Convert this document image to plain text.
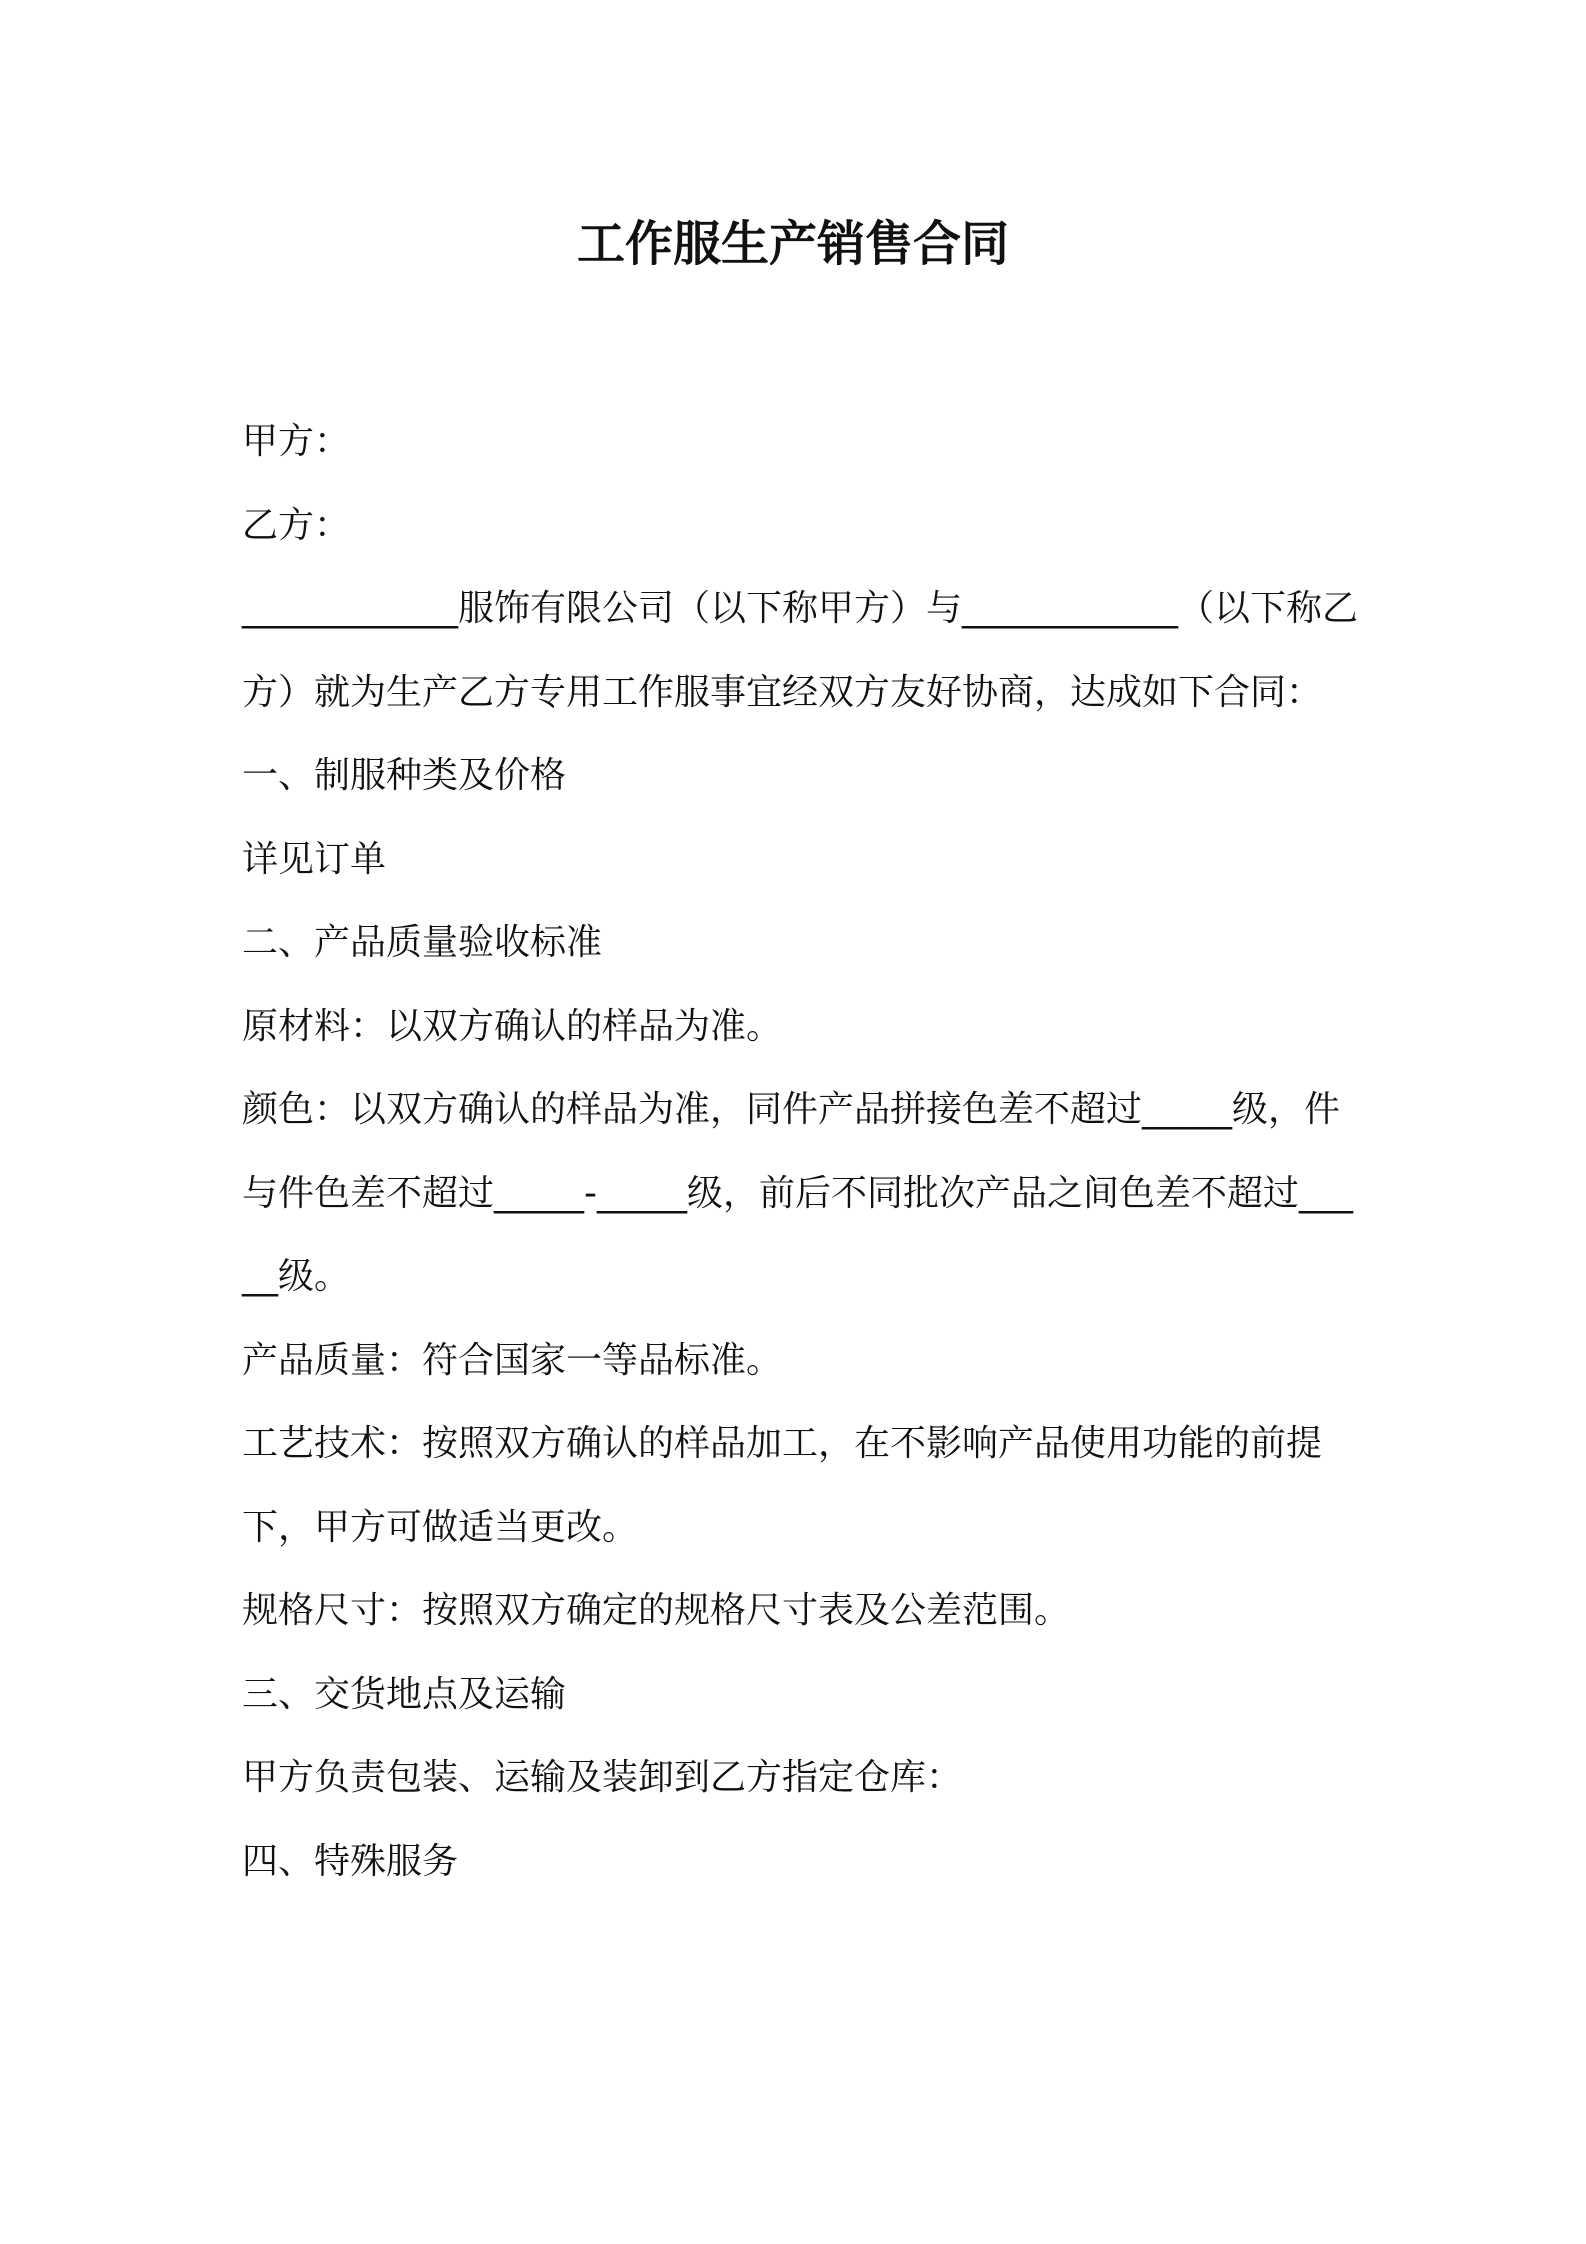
工作服生产销售合同

甲方：

乙方：

____________服饰有限公司（以下称甲方）与____________（以下称乙方）就为生产乙方专用工作服事宜经双方友好协商，达成如下合同：

一、制服种类及价格

详见订单

二、产品质量验收标准

原材料：以双方确认的样品为准。

颜色：以双方确认的样品为准，同件产品拼接色差不超过_____级，件与件色差不超过_____-_____级，前后不同批次产品之间色差不超过_____级。

产品质量：符合国家一等品标准。

工艺技术：按照双方确认的样品加工，在不影响产品使用功能的前提下，甲方可做适当更改。

规格尺寸：按照双方确定的规格尺寸表及公差范围。

三、交货地点及运输

甲方负责包装、运输及装卸到乙方指定仓库：

四、特殊服务
